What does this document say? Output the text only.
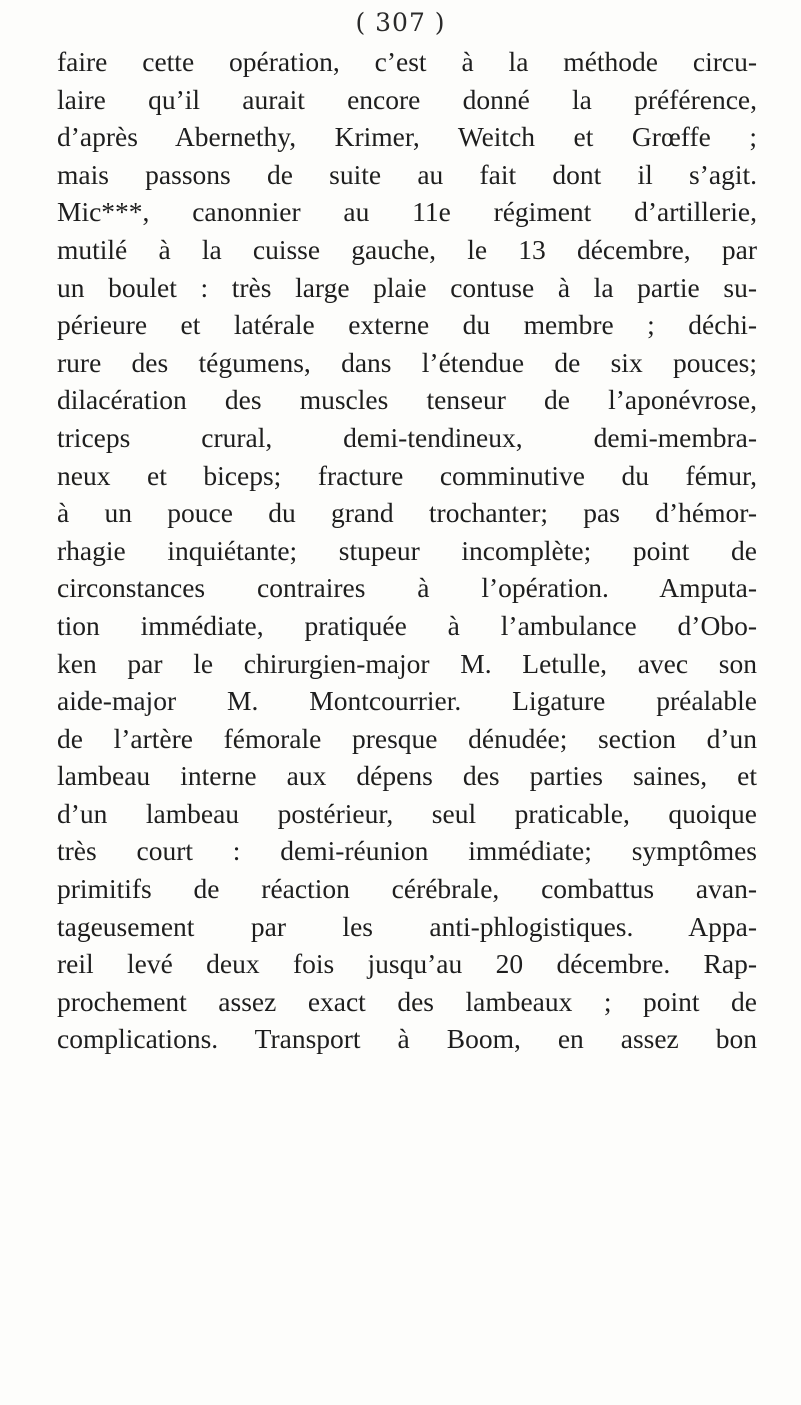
( 307 )
faire cette opération, c’est à la méthode circu-
laire qu’il aurait encore donné la préférence,
d’après Abernethy, Krimer, Weitch et Grœffe ;
mais passons de suite au fait dont il s’agit.
Mic***, canonnier au 11e régiment d’artillerie,
mutilé à la cuisse gauche, le 13 décembre, par
un boulet : très large plaie contuse à la partie su-
périeure et latérale externe du membre ; déchi-
rure des tégumens, dans l’étendue de six pouces;
dilacération des muscles tenseur de l’aponévrose,
triceps crural, demi-tendineux, demi-membra-
neux et biceps; fracture comminutive du fémur,
à un pouce du grand trochanter; pas d’hémor-
rhagie inquiétante; stupeur incomplète; point de
circonstances contraires à l’opération. Amputa-
tion immédiate, pratiquée à l’ambulance d’Obo-
ken par le chirurgien-major M. Letulle, avec son
aide-major M. Montcourrier. Ligature préalable
de l’artère fémorale presque dénudée; section d’un
lambeau interne aux dépens des parties saines, et
d’un lambeau postérieur, seul praticable, quoique
très court : demi-réunion immédiate; symptômes
primitifs de réaction cérébrale, combattus avan-
tageusement par les anti-phlogistiques. Appa-
reil levé deux fois jusqu’au 20 décembre. Rap-
prochement assez exact des lambeaux ; point de
complications. Transport à Boom, en assez bon
